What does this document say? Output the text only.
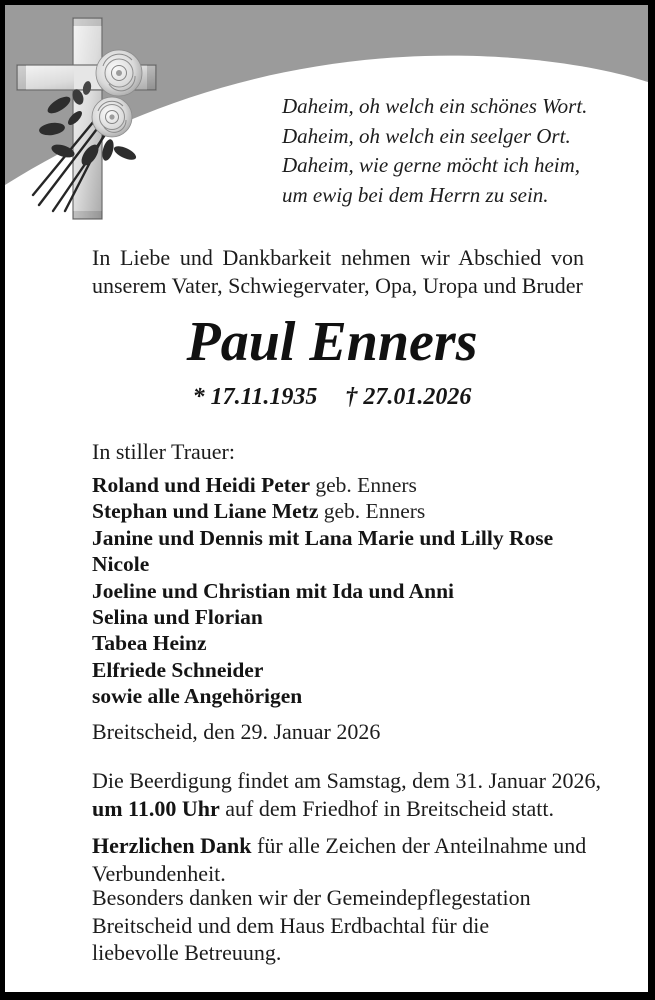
Daheim, oh welch ein schönes Wort.
Daheim, oh welch ein seelger Ort.
Daheim, wie gerne möcht ich heim,
um ewig bei dem Herrn zu sein.
In Liebe und Dankbarkeit nehmen wir Abschied von
unserem Vater, Schwiegervater, Opa, Uropa und Bruder
Paul Enners
* 17.11.1935 † 27.01.2026
In stiller Trauer:
Roland und Heidi Peter geb. Enners
Stephan und Liane Metz geb. Enners
Janine und Dennis mit Lana Marie und Lilly Rose
Nicole
Joeline und Christian mit Ida und Anni
Selina und Florian
Tabea Heinz
Elfriede Schneider
sowie alle Angehörigen
Breitscheid, den 29. Januar 2026
Die Beerdigung findet am Samstag, dem 31. Januar 2026,
um 11.00 Uhr auf dem Friedhof in Breitscheid statt.
Herzlichen Dank für alle Zeichen der Anteilnahme und
Verbundenheit.
Besonders danken wir der Gemeindepflegestation
Breitscheid und dem Haus Erdbachtal für die
liebevolle Betreuung.
